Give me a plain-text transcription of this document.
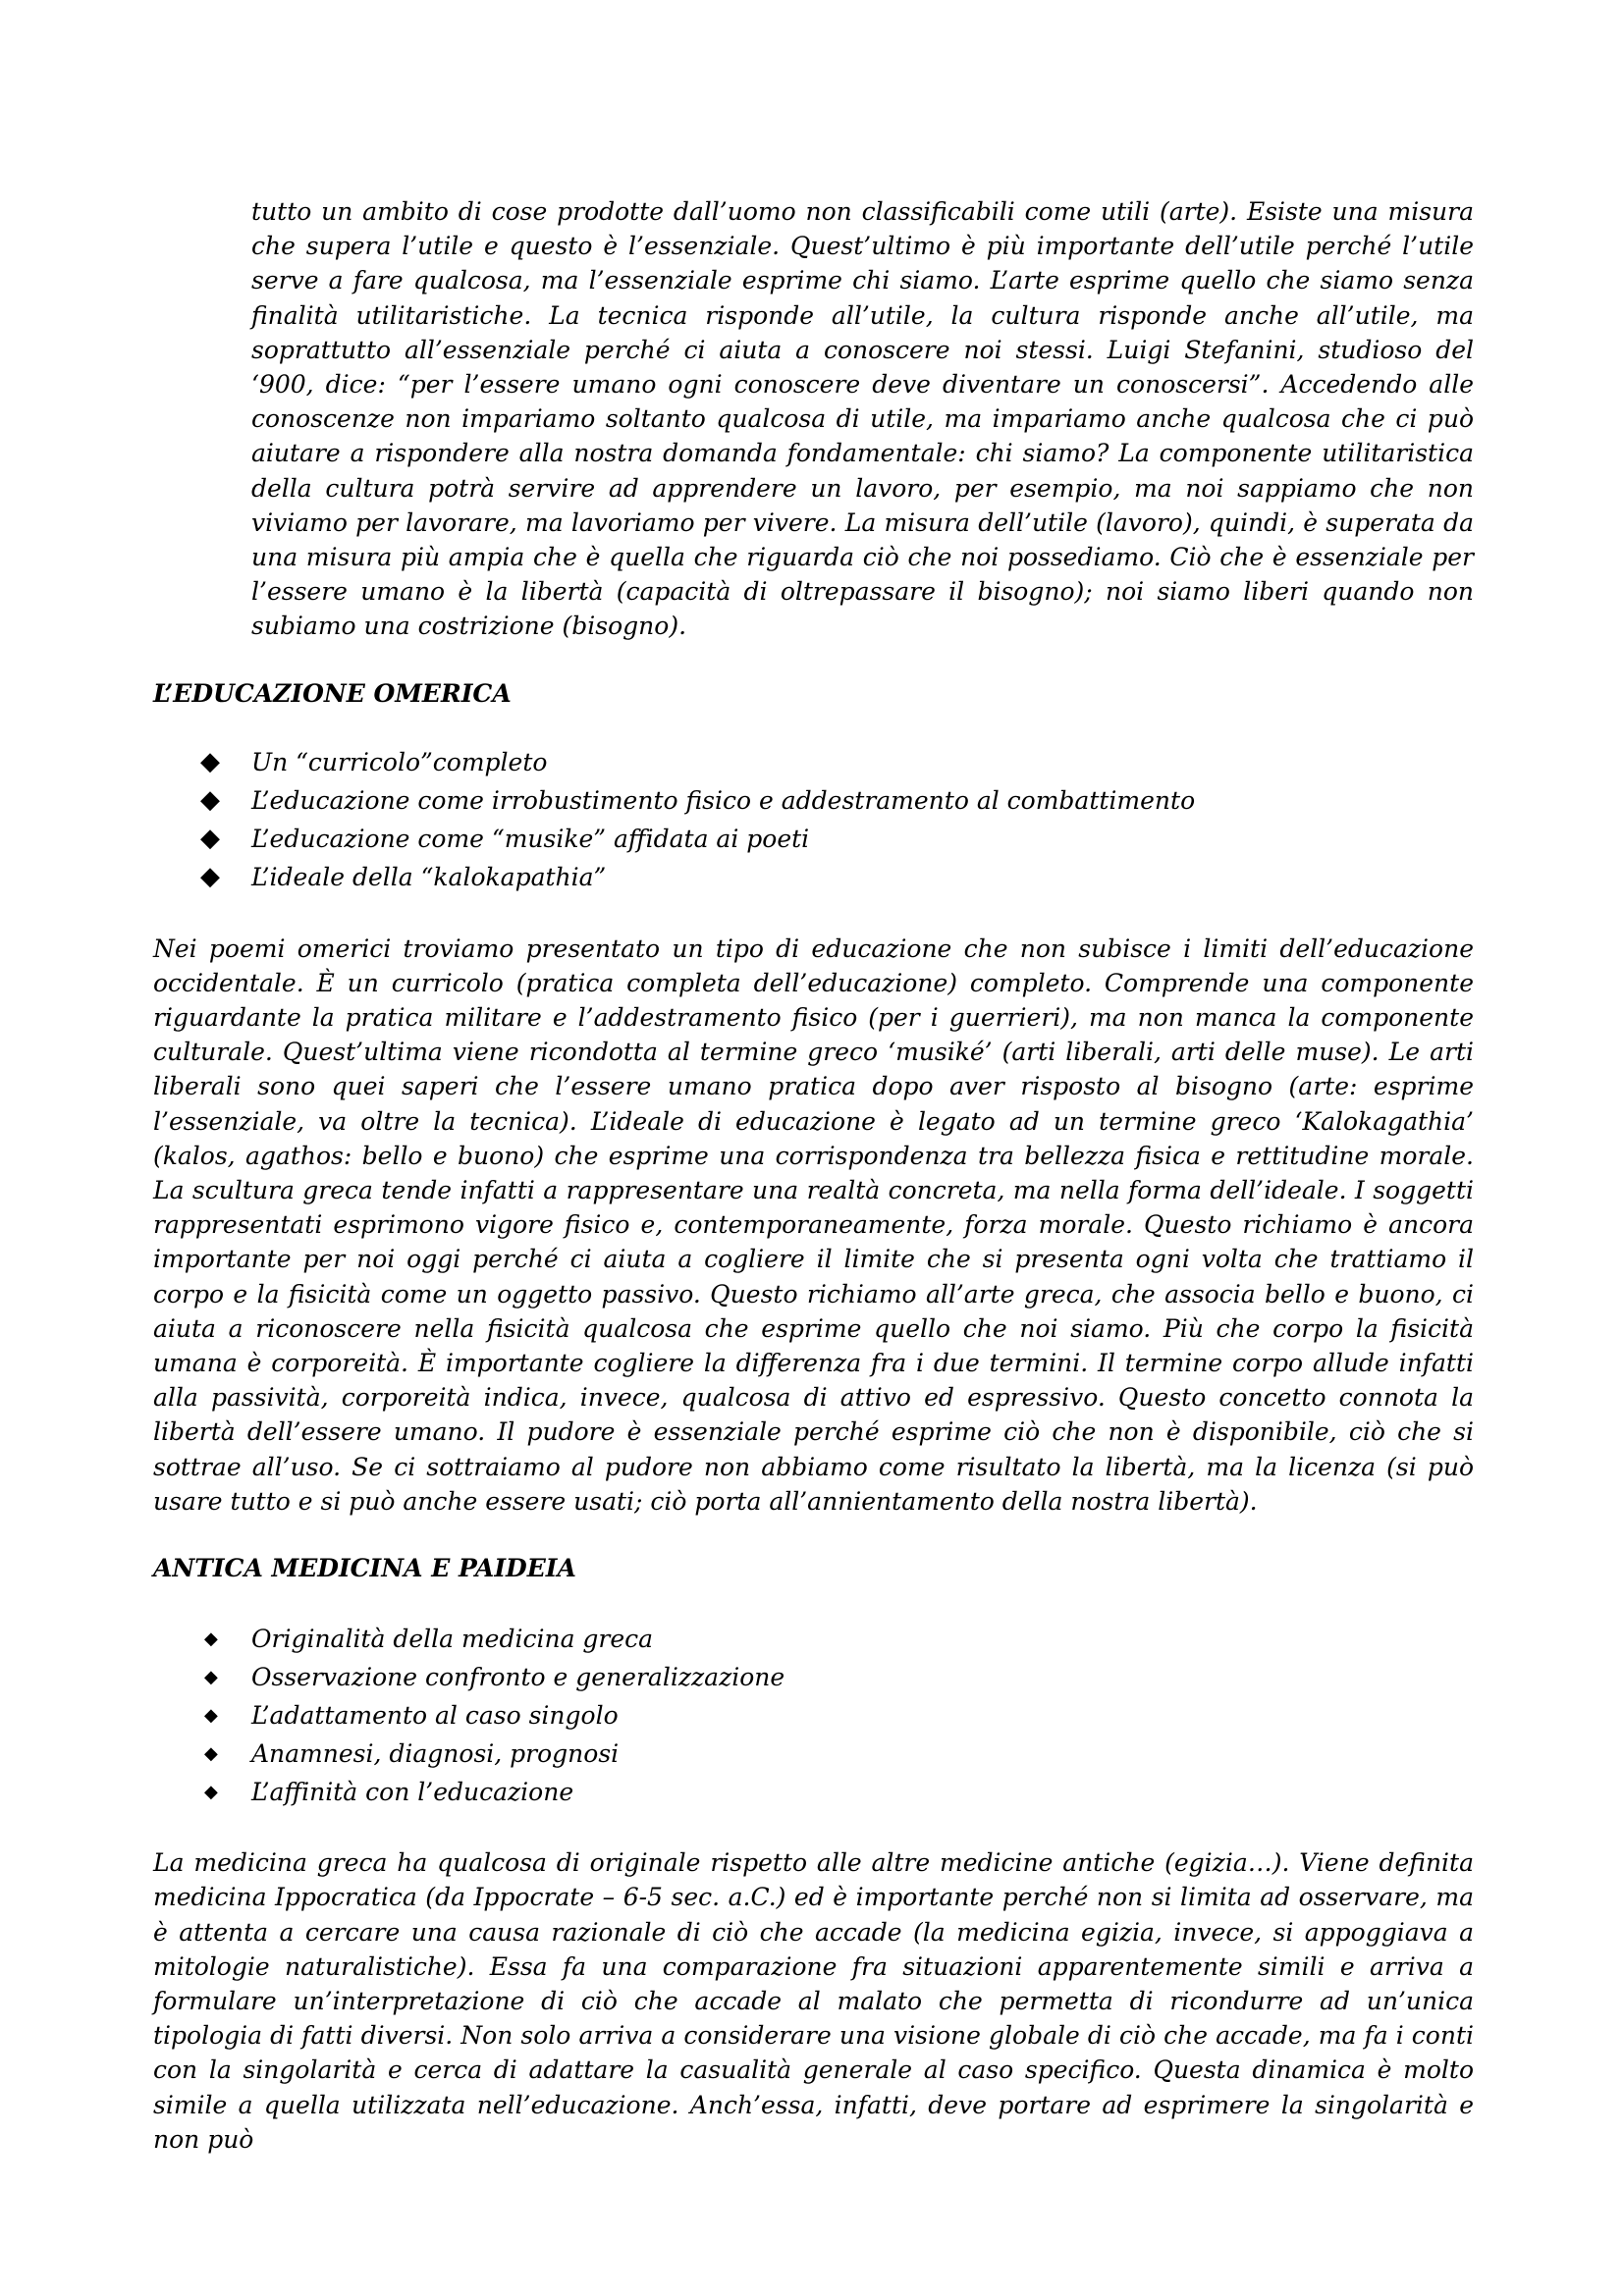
tutto un ambito di cose prodotte dall’uomo non classificabili come utili (arte). Esiste una misura che supera l’utile e questo è l’essenziale. Quest’ultimo è più importante dell’utile perché l’utile serve a fare qualcosa, ma l’essenziale esprime chi siamo. L’arte esprime quello che siamo senza finalità utilitaristiche. La tecnica risponde all’utile, la cultura risponde anche all’utile, ma soprattutto all’essenziale perché ci aiuta a conoscere noi stessi. Luigi Stefanini, studioso del ‘900, dice: “per l’essere umano ogni conoscere deve diventare un conoscersi”. Accedendo alle conoscenze non impariamo soltanto qualcosa di utile, ma impariamo anche qualcosa che ci può aiutare a rispondere alla nostra domanda fondamentale: chi siamo? La componente utilitaristica della cultura potrà servire ad apprendere un lavoro, per esempio, ma noi sappiamo che non viviamo per lavorare, ma lavoriamo per vivere. La misura dell’utile (lavoro), quindi, è superata da una misura più ampia che è quella che riguarda ciò che noi possediamo. Ciò che è essenziale per l’essere umano è la libertà (capacità di oltrepassare il bisogno); noi siamo liberi quando non subiamo una costrizione (bisogno).

L’EDUCAZIONE OMERICA
◆ Un “curricolo”completo
◆ L’educazione come irrobustimento fisico e addestramento al combattimento
◆ L’educazione come “musike” affidata ai poeti
◆ L’ideale della “kalokapathia”

Nei poemi omerici troviamo presentato un tipo di educazione che non subisce i limiti dell’educazione occidentale. È un curricolo (pratica completa dell’educazione) completo. Comprende una componente riguardante la pratica militare e l’addestramento fisico (per i guerrieri), ma non manca la componente culturale. Quest’ultima viene ricondotta al termine greco ‘musiké’ (arti liberali, arti delle muse). Le arti liberali sono quei saperi che l’essere umano pratica dopo aver risposto al bisogno (arte: esprime l’essenziale, va oltre la tecnica). L’ideale di educazione è legato ad un termine greco ‘Kalokagathia’ (kalos, agathos: bello e buono) che esprime una corrispondenza tra bellezza fisica e rettitudine morale. La scultura greca tende infatti a rappresentare una realtà concreta, ma nella forma dell’ideale. I soggetti rappresentati esprimono vigore fisico e, contemporaneamente, forza morale. Questo richiamo è ancora importante per noi oggi perché ci aiuta a cogliere il limite che si presenta ogni volta che trattiamo il corpo e la fisicità come un oggetto passivo. Questo richiamo all’arte greca, che associa bello e buono, ci aiuta a riconoscere nella fisicità qualcosa che esprime quello che noi siamo. Più che corpo la fisicità umana è corporeità. È importante cogliere la differenza fra i due termini. Il termine corpo allude infatti alla passività, corporeità indica, invece, qualcosa di attivo ed espressivo. Questo concetto connota la libertà dell’essere umano. Il pudore è essenziale perché esprime ciò che non è disponibile, ciò che si sottrae all’uso. Se ci sottraiamo al pudore non abbiamo come risultato la libertà, ma la licenza (si può usare tutto e si può anche essere usati; ciò porta all’annientamento della nostra libertà).

ANTICA MEDICINA E PAIDEIA
◆ Originalità della medicina greca
◆ Osservazione confronto e generalizzazione
◆ L’adattamento al caso singolo
◆ Anamnesi, diagnosi, prognosi
◆ L’affinità con l’educazione

La medicina greca ha qualcosa di originale rispetto alle altre medicine antiche (egizia…). Viene definita medicina Ippocratica (da Ippocrate – 6-5 sec. a.C.) ed è importante perché non si limita ad osservare, ma è attenta a cercare una causa razionale di ciò che accade (la medicina egizia, invece, si appoggiava a mitologie naturalistiche). Essa fa una comparazione fra situazioni apparentemente simili e arriva a formulare un’interpretazione di ciò che accade al malato che permetta di ricondurre ad un’unica tipologia di fatti diversi. Non solo arriva a considerare una visione globale di ciò che accade, ma fa i conti con la singolarità e cerca di adattare la casualità generale al caso specifico. Questa dinamica è molto simile a quella utilizzata nell’educazione. Anch’essa, infatti, deve portare ad esprimere la singolarità e non può
